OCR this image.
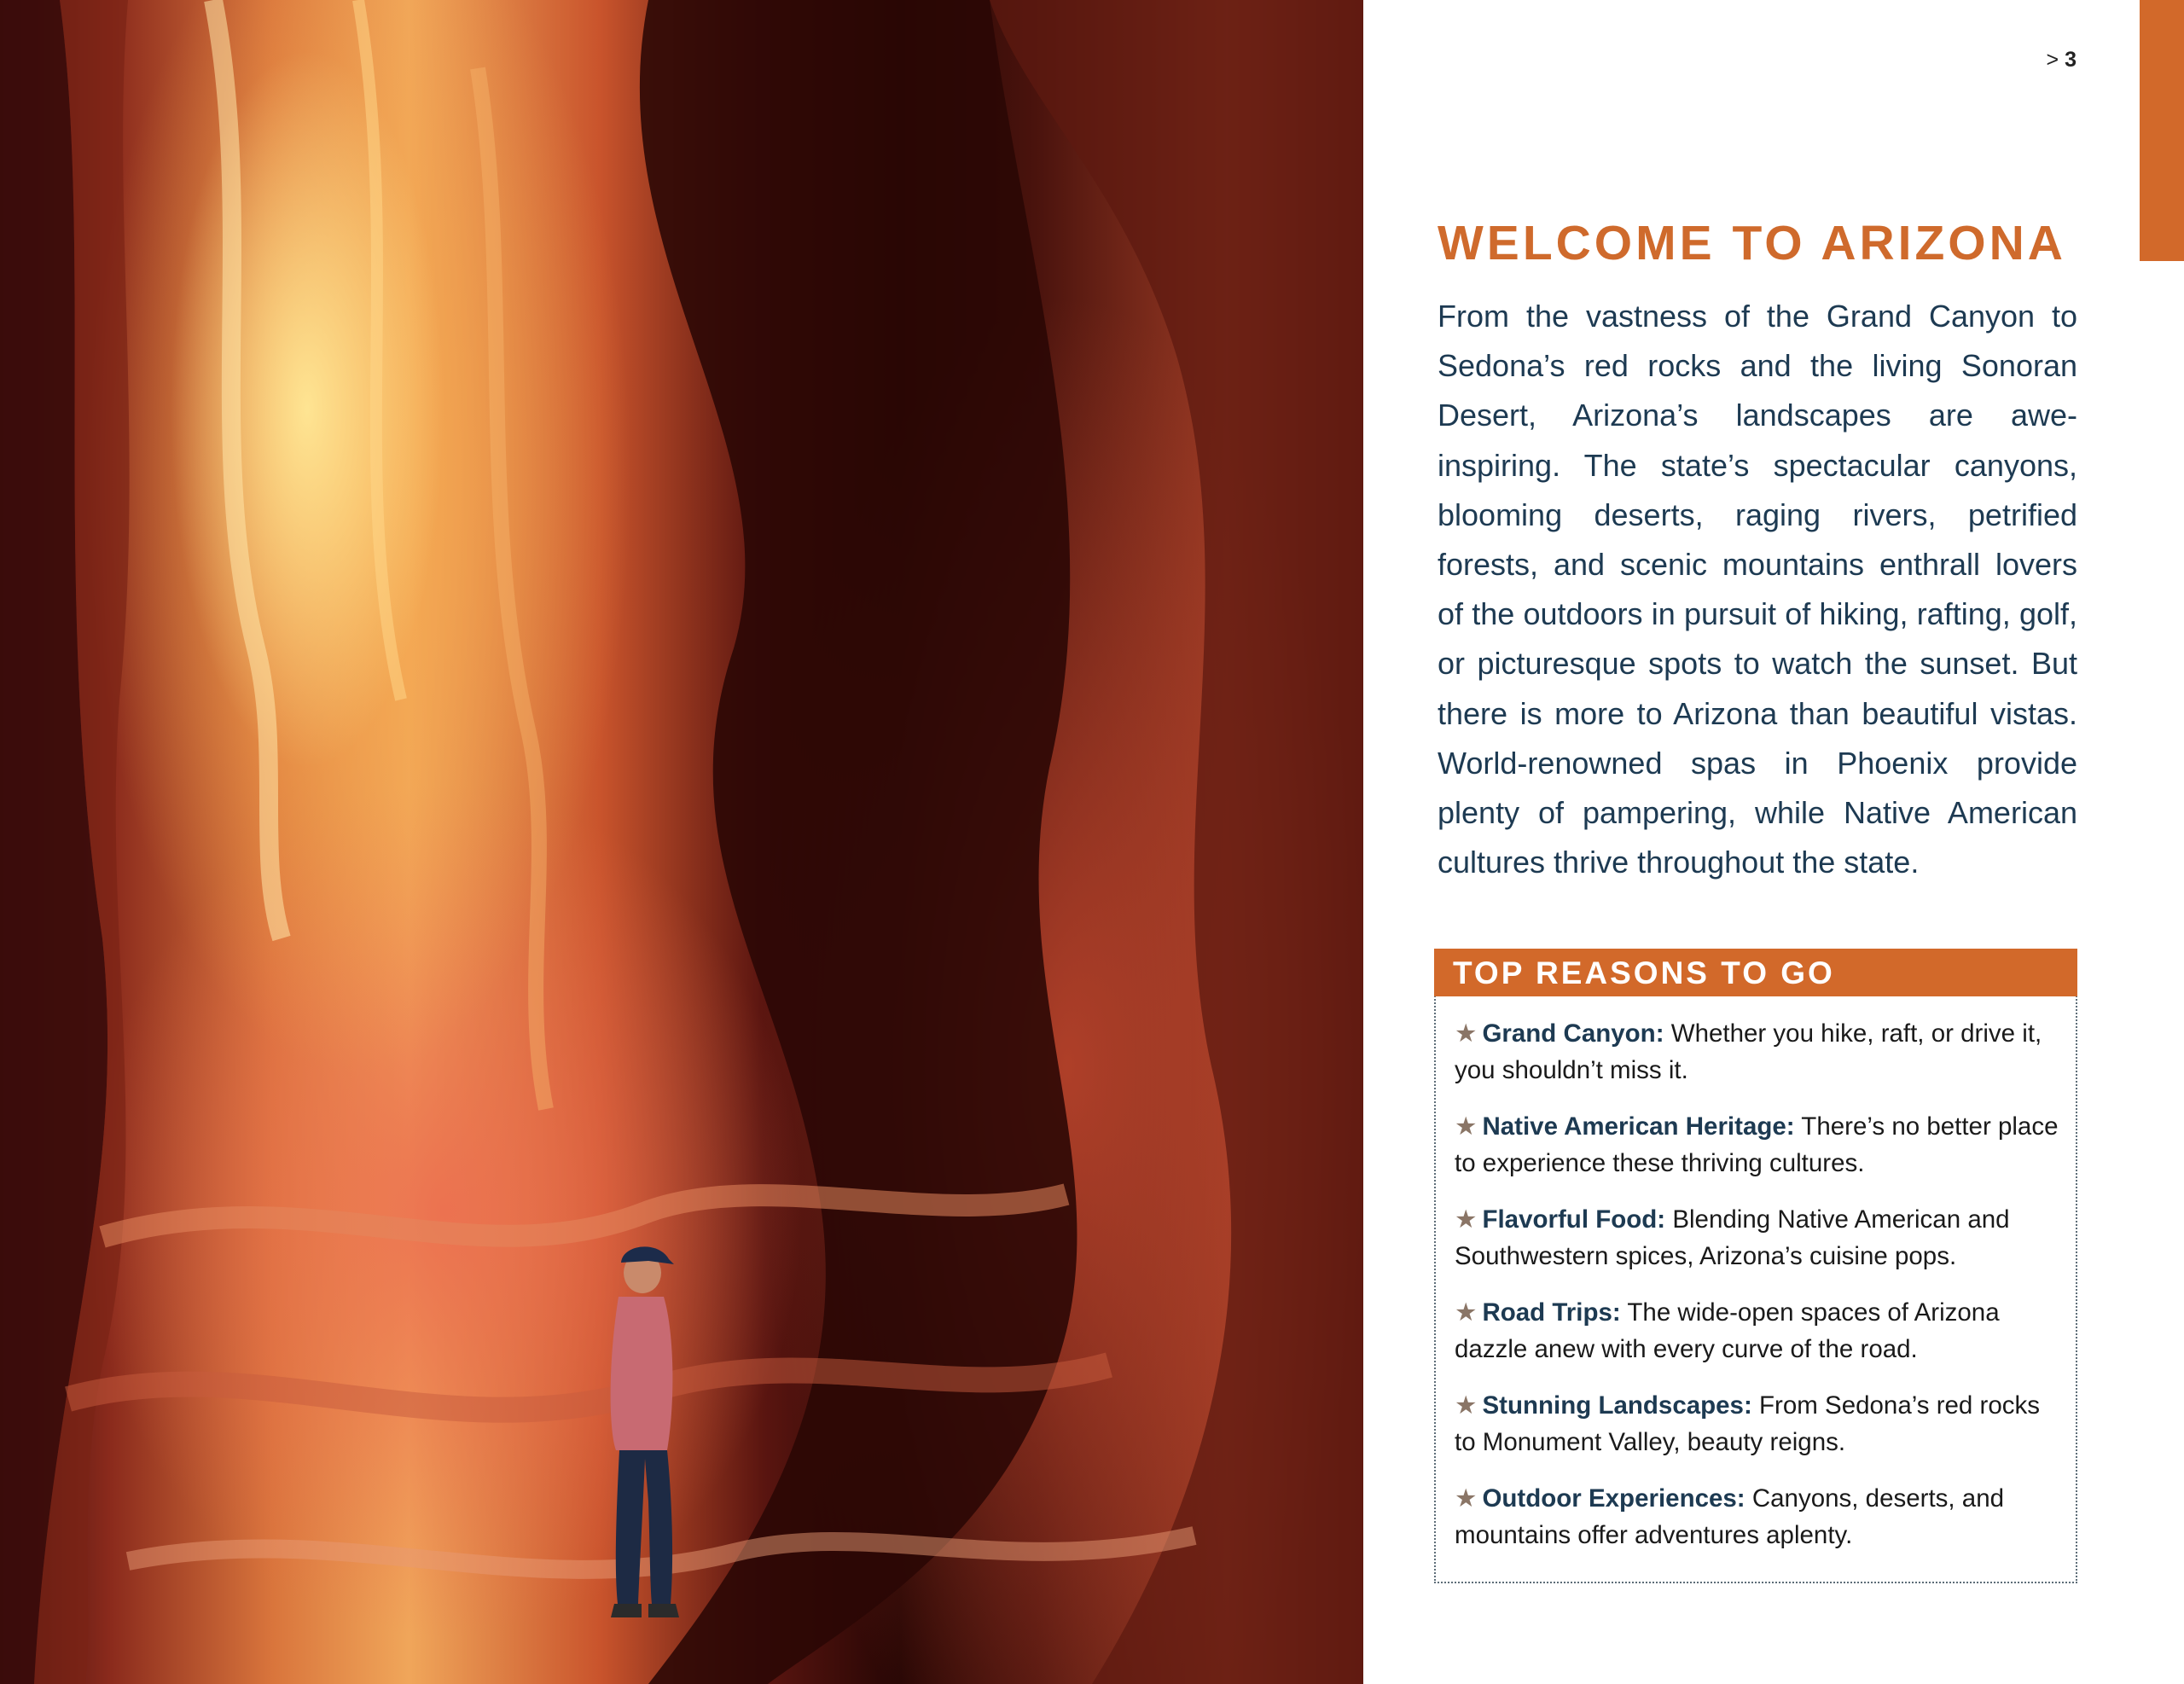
> 3
WELCOME TO ARIZONA

From the vastness of the Grand Canyon to Sedona’s red rocks and the living Sonoran Desert, Arizona’s landscapes are awe-inspiring. The state’s spectacular canyons, blooming deserts, raging rivers, petrified forests, and scenic mountains enthrall lovers of the outdoors in pursuit of hiking, rafting, golf, or picturesque spots to watch the sunset. But there is more to Arizona than beautiful vistas. World-renowned spas in Phoenix provide plenty of pampering, while Native American cultures thrive throughout the state.

TOP REASONS TO GO
★ Grand Canyon: Whether you hike, raft, or drive it, you shouldn’t miss it.
★ Native American Heritage: There’s no better place to experience these thriving cultures.
★ Flavorful Food: Blending Native American and Southwestern spices, Arizona’s cuisine pops.
★ Road Trips: The wide-open spaces of Arizona dazzle anew with every curve of the road.
★ Stunning Landscapes: From Sedona’s red rocks to Monument Valley, beauty reigns.
★ Outdoor Experiences: Canyons, deserts, and mountains offer adventures aplenty.
